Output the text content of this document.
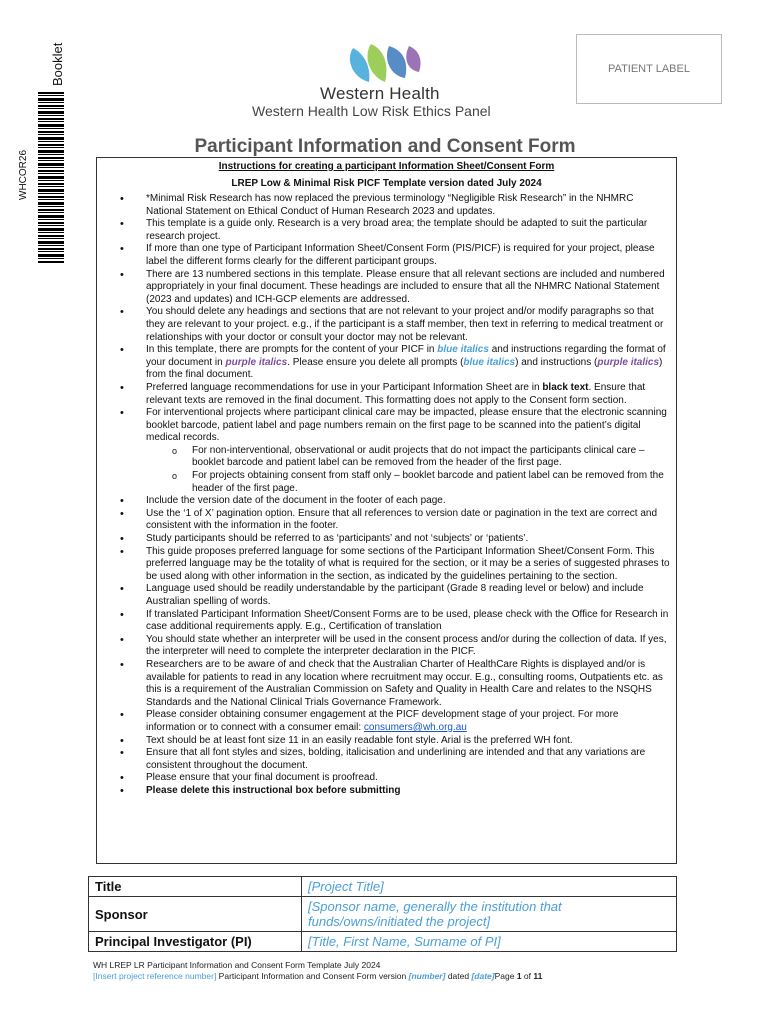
Booklet
WHCOR26
Western Health
Western Health Low Risk Ethics Panel
PATIENT LABEL
Participant Information and Consent Form
Instructions for creating a participant Information Sheet/Consent Form
LREP Low & Minimal Risk PICF Template version dated July 2024
• *Minimal Risk Research has now replaced the previous terminology “Negligible Risk Research” in the NHMRC National Statement on Ethical Conduct of Human Research 2023 and updates.
• This template is a guide only. Research is a very broad area; the template should be adapted to suit the particular research project.
• If more than one type of Participant Information Sheet/Consent Form (PIS/PICF) is required for your project, please label the different forms clearly for the different participant groups.
• There are 13 numbered sections in this template. Please ensure that all relevant sections are included and numbered appropriately in your final document. These headings are included to ensure that all the NHMRC National Statement (2023 and updates) and ICH-GCP elements are addressed.
• You should delete any headings and sections that are not relevant to your project and/or modify paragraphs so that they are relevant to your project. e.g., if the participant is a staff member, then text in referring to medical treatment or relationships with your doctor or consult your doctor may not be relevant.
• In this template, there are prompts for the content of your PICF in blue italics and instructions regarding the format of your document in purple italics. Please ensure you delete all prompts (blue italics) and instructions (purple italics) from the final document.
• Preferred language recommendations for use in your Participant Information Sheet are in black text. Ensure that relevant texts are removed in the final document. This formatting does not apply to the Consent form section.
• For interventional projects where participant clinical care may be impacted, please ensure that the electronic scanning booklet barcode, patient label and page numbers remain on the first page to be scanned into the patient’s digital medical records.
o For non-interventional, observational or audit projects that do not impact the participants clinical care – booklet barcode and patient label can be removed from the header of the first page.
o For projects obtaining consent from staff only – booklet barcode and patient label can be removed from the header of the first page.
• Include the version date of the document in the footer of each page.
• Use the ‘1 of X’ pagination option. Ensure that all references to version date or pagination in the text are correct and consistent with the information in the footer.
• Study participants should be referred to as ‘participants’ and not ‘subjects’ or ‘patients’.
• This guide proposes preferred language for some sections of the Participant Information Sheet/Consent Form. This preferred language may be the totality of what is required for the section, or it may be a series of suggested phrases to be used along with other information in the section, as indicated by the guidelines pertaining to the section.
• Language used should be readily understandable by the participant (Grade 8 reading level or below) and include Australian spelling of words.
• If translated Participant Information Sheet/Consent Forms are to be used, please check with the Office for Research in case additional requirements apply. E.g., Certification of translation
• You should state whether an interpreter will be used in the consent process and/or during the collection of data. If yes, the interpreter will need to complete the interpreter declaration in the PICF.
• Researchers are to be aware of and check that the Australian Charter of HealthCare Rights is displayed and/or is available for patients to read in any location where recruitment may occur. E.g., consulting rooms, Outpatients etc. as this is a requirement of the Australian Commission on Safety and Quality in Health Care and relates to the NSQHS Standards and the National Clinical Trials Governance Framework.
• Please consider obtaining consumer engagement at the PICF development stage of your project. For more information or to connect with a consumer email: consumers@wh.org.au
• Text should be at least font size 11 in an easily readable font style. Arial is the preferred WH font.
• Ensure that all font styles and sizes, bolding, italicisation and underlining are intended and that any variations are consistent throughout the document.
• Please ensure that your final document is proofread.
• Please delete this instructional box before submitting
Title	[Project Title]
Sponsor	[Sponsor name, generally the institution that funds/owns/initiated the project]
Principal Investigator (PI)	[Title, First Name, Surname of PI]
WH LREP LR Participant Information and Consent Form Template July 2024
[Insert project reference number] Participant Information and Consent Form version [number] dated [date]Page 1 of 11
